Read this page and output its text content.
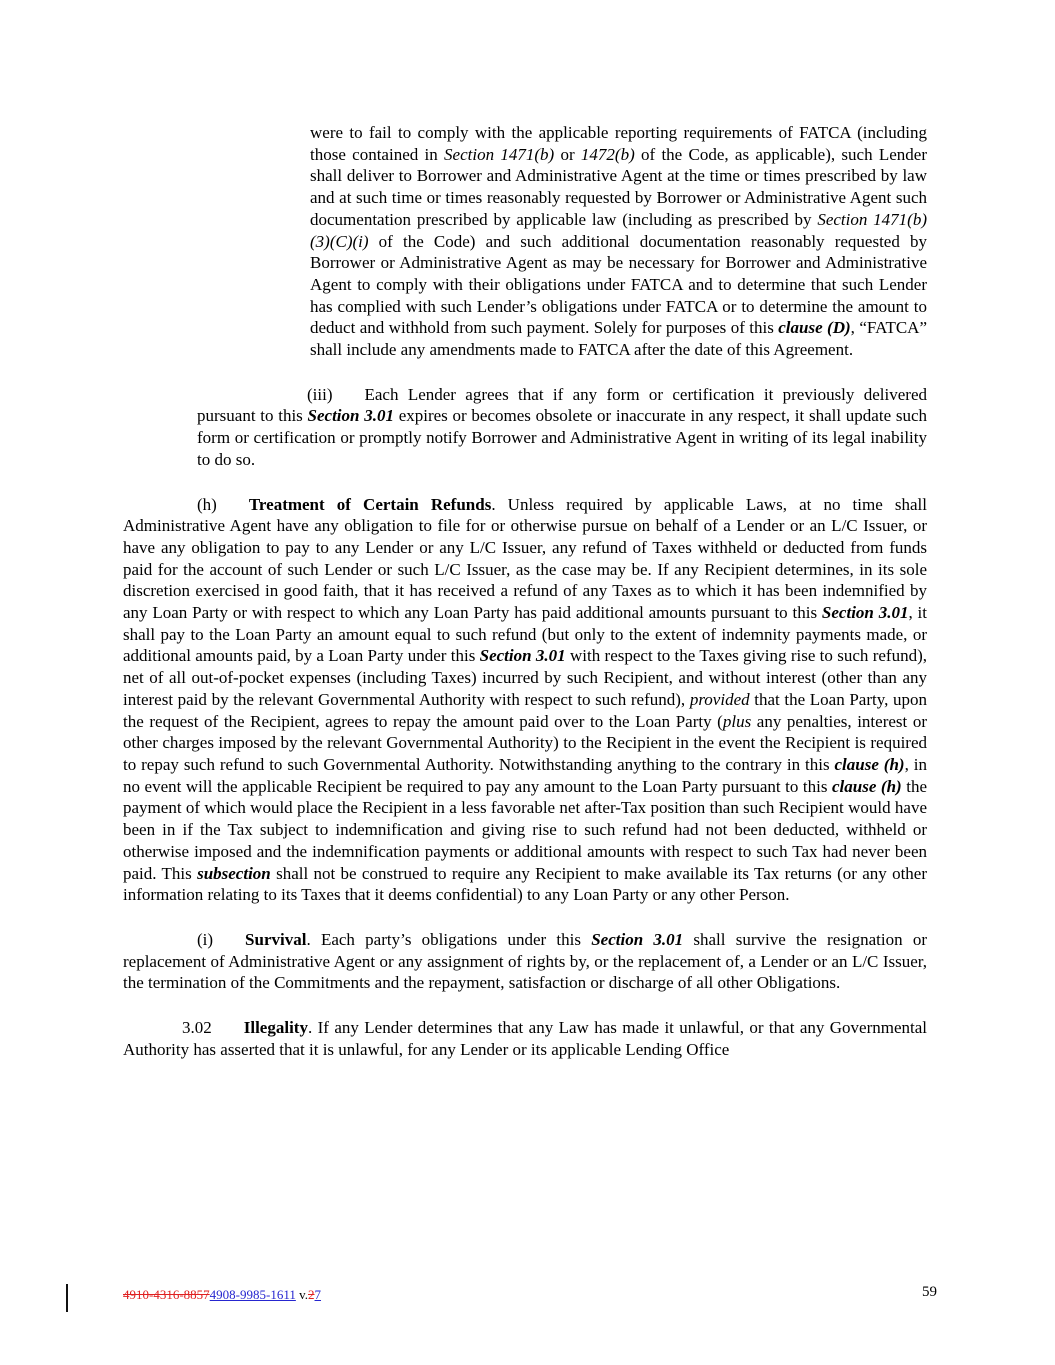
were to fail to comply with the applicable reporting requirements of FATCA (including those contained in Section 1471(b) or 1472(b) of the Code, as applicable), such Lender shall deliver to Borrower and Administrative Agent at the time or times prescribed by law and at such time or times reasonably requested by Borrower or Administrative Agent such documentation prescribed by applicable law (including as prescribed by Section 1471(b)(3)(C)(i) of the Code) and such additional documentation reasonably requested by Borrower or Administrative Agent as may be necessary for Borrower and Administrative Agent to comply with their obligations under FATCA and to determine that such Lender has complied with such Lender’s obligations under FATCA or to determine the amount to deduct and withhold from such payment. Solely for purposes of this clause (D), “FATCA” shall include any amendments made to FATCA after the date of this Agreement.
(iii) Each Lender agrees that if any form or certification it previously delivered pursuant to this Section 3.01 expires or becomes obsolete or inaccurate in any respect, it shall update such form or certification or promptly notify Borrower and Administrative Agent in writing of its legal inability to do so.
(h) Treatment of Certain Refunds. Unless required by applicable Laws, at no time shall Administrative Agent have any obligation to file for or otherwise pursue on behalf of a Lender or an L/C Issuer, or have any obligation to pay to any Lender or any L/C Issuer, any refund of Taxes withheld or deducted from funds paid for the account of such Lender or such L/C Issuer, as the case may be. If any Recipient determines, in its sole discretion exercised in good faith, that it has received a refund of any Taxes as to which it has been indemnified by any Loan Party or with respect to which any Loan Party has paid additional amounts pursuant to this Section 3.01, it shall pay to the Loan Party an amount equal to such refund (but only to the extent of indemnity payments made, or additional amounts paid, by a Loan Party under this Section 3.01 with respect to the Taxes giving rise to such refund), net of all out-of-pocket expenses (including Taxes) incurred by such Recipient, and without interest (other than any interest paid by the relevant Governmental Authority with respect to such refund), provided that the Loan Party, upon the request of the Recipient, agrees to repay the amount paid over to the Loan Party (plus any penalties, interest or other charges imposed by the relevant Governmental Authority) to the Recipient in the event the Recipient is required to repay such refund to such Governmental Authority. Notwithstanding anything to the contrary in this clause (h), in no event will the applicable Recipient be required to pay any amount to the Loan Party pursuant to this clause (h) the payment of which would place the Recipient in a less favorable net after-Tax position than such Recipient would have been in if the Tax subject to indemnification and giving rise to such refund had not been deducted, withheld or otherwise imposed and the indemnification payments or additional amounts with respect to such Tax had never been paid. This subsection shall not be construed to require any Recipient to make available its Tax returns (or any other information relating to its Taxes that it deems confidential) to any Loan Party or any other Person.
(i) Survival. Each party’s obligations under this Section 3.01 shall survive the resignation or replacement of Administrative Agent or any assignment of rights by, or the replacement of, a Lender or an L/C Issuer, the termination of the Commitments and the repayment, satisfaction or discharge of all other Obligations.
3.02 Illegality. If any Lender determines that any Law has made it unlawful, or that any Governmental Authority has asserted that it is unlawful, for any Lender or its applicable Lending Office
4910-4316-88574908-9985-1611 v.27	59
